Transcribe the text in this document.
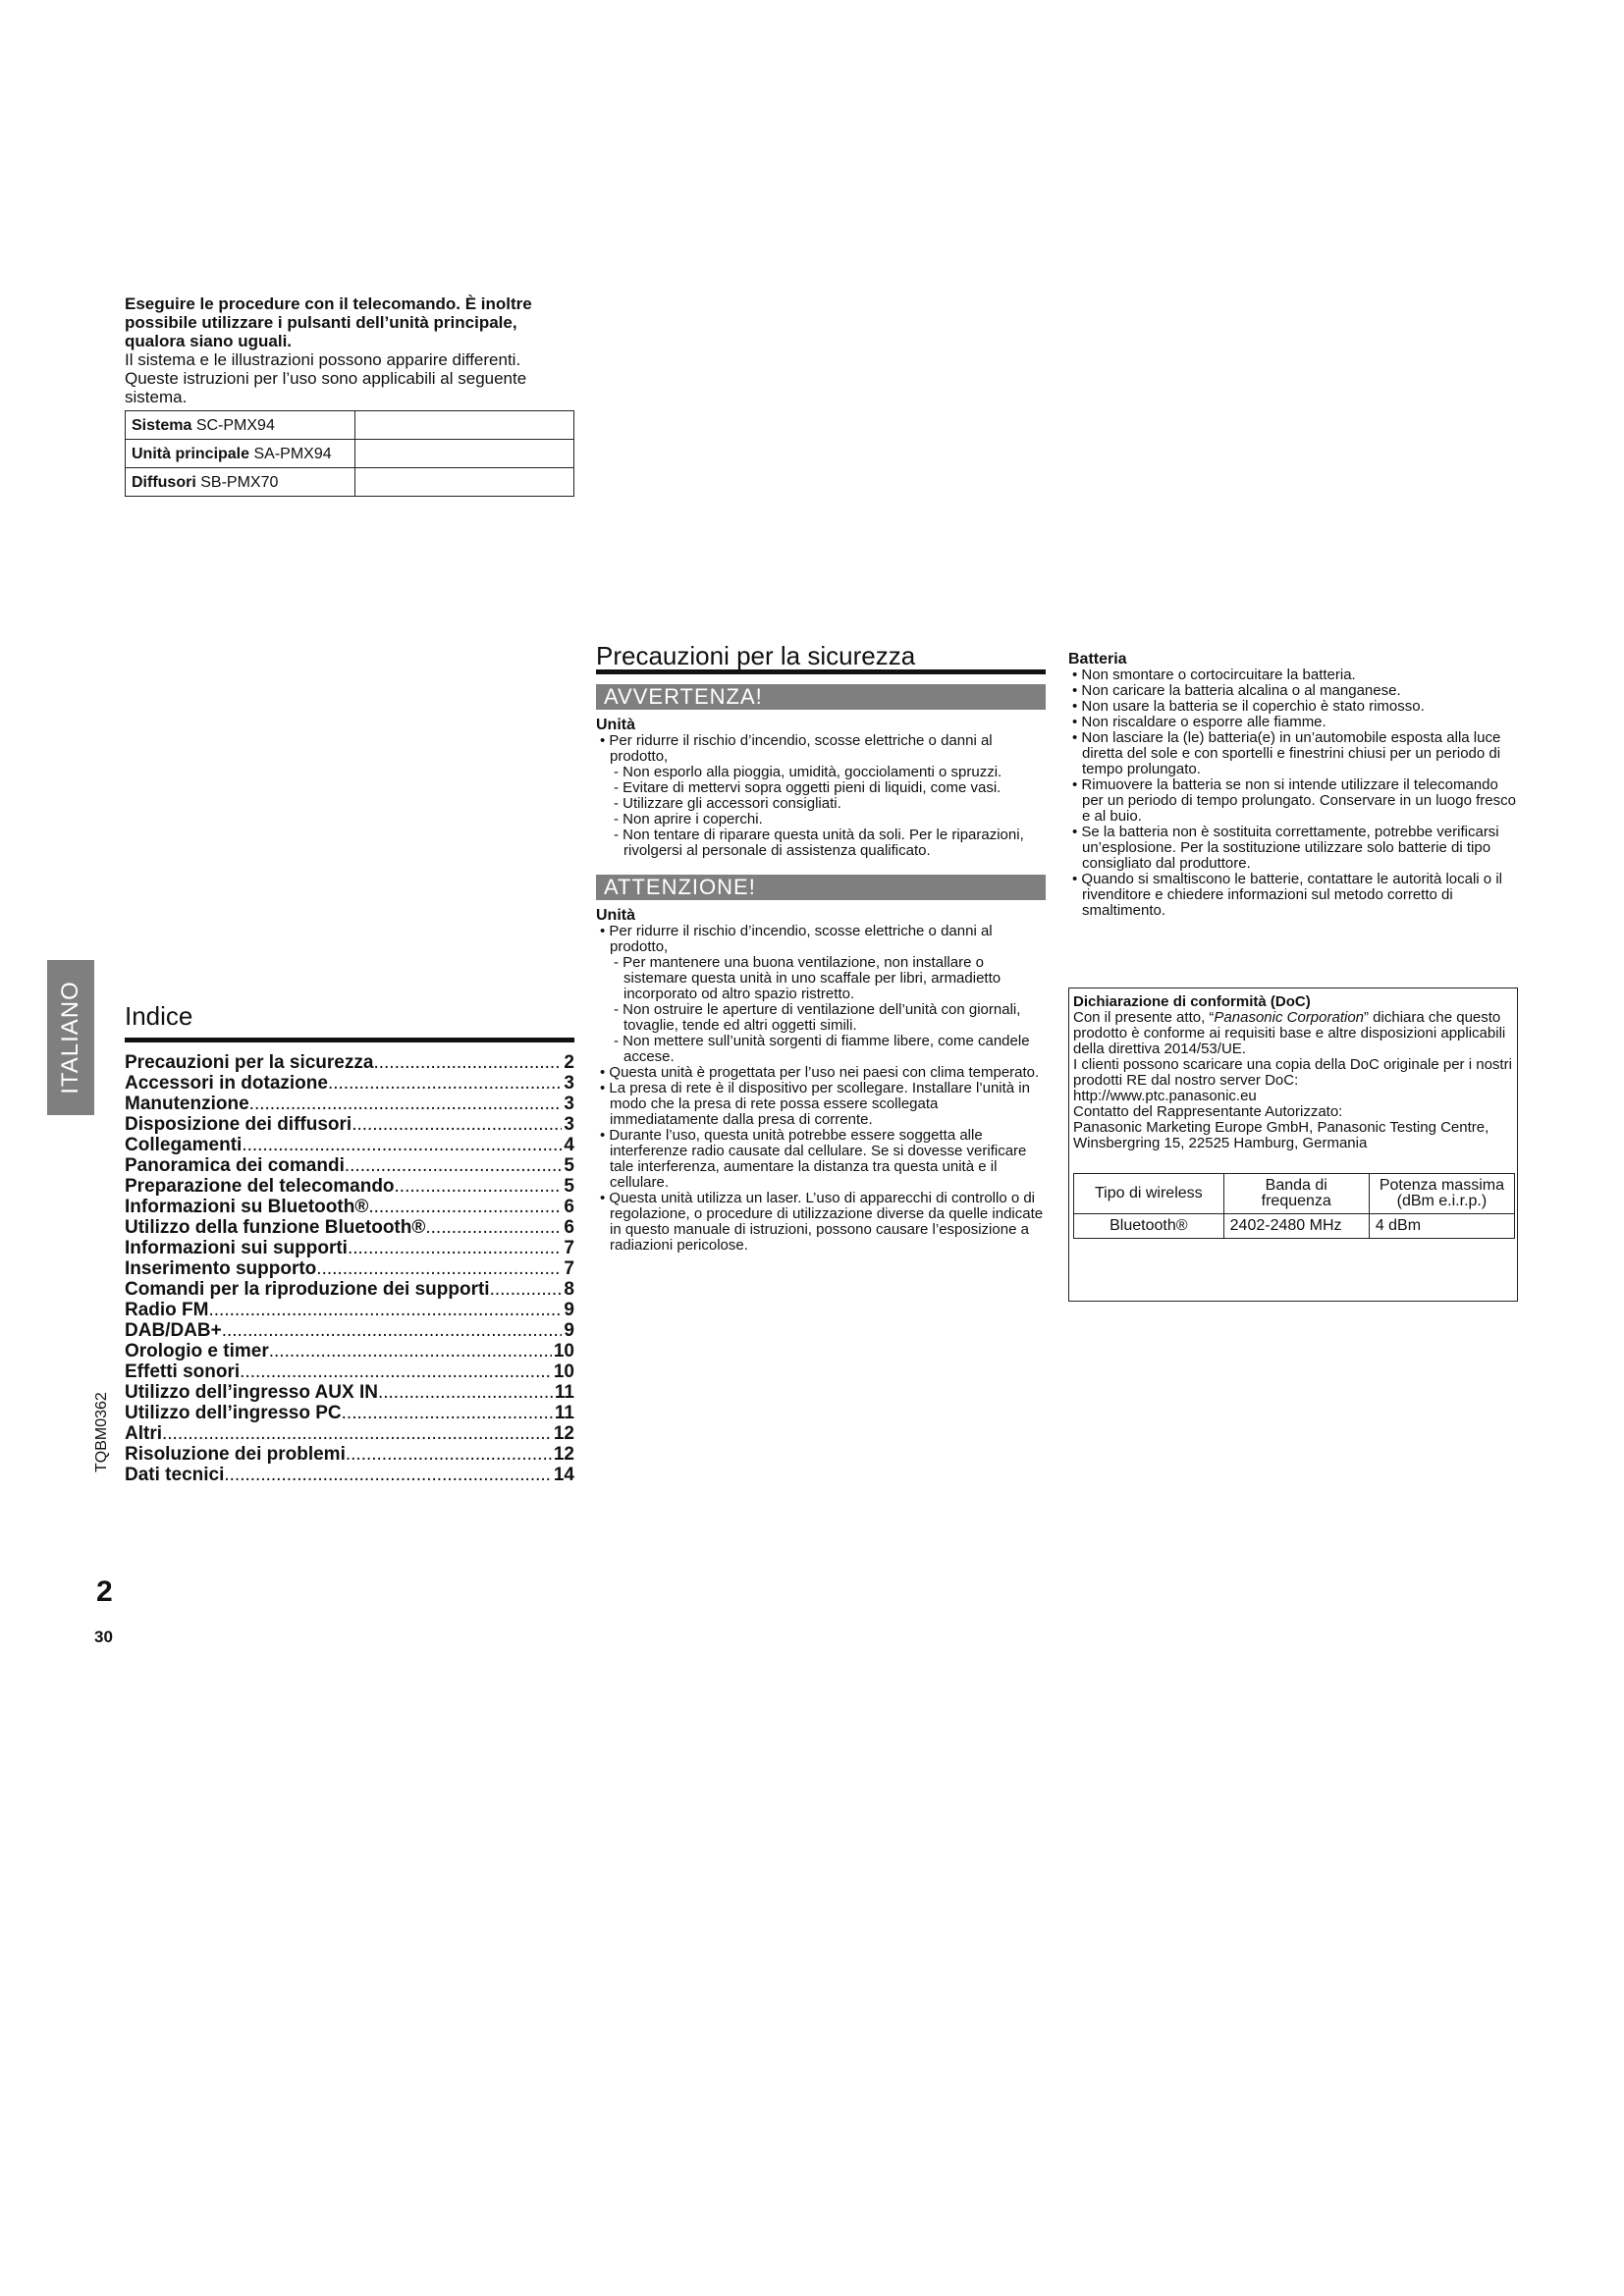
Eseguire le procedure con il telecomando. È inoltre possibile utilizzare i pulsanti dell’unità principale, qualora siano uguali.
Il sistema e le illustrazioni possono apparire differenti. Queste istruzioni per l’uso sono applicabili al seguente sistema.
Sistema SC-PMX94	
Unità principale SA-PMX94	
Diffusori SB-PMX70	
ITALIANO Indice
Precauzioni per la sicurezza .....	2
Accessori in dotazione .....	3
Manutenzione .....	3
Disposizione dei diffusori .....	3
Collegamenti .....	4
Panoramica dei comandi .....	5
Preparazione del telecomando .....	5
Informazioni su Bluetooth® .....	6
Utilizzo della funzione Bluetooth® .....	6
Informazioni sui supporti .....	7
Inserimento supporto .....	7
Comandi per la riproduzione dei supporti .....	8
Radio FM .....	9
DAB/DAB+ .....	9
Orologio e timer .....	10
Effetti sonori .....	10
Utilizzo dell’ingresso AUX IN .....	11
Utilizzo dell’ingresso PC .....	11
Altri .....	12
Risoluzione dei problemi .....	12
Dati tecnici .....	14
TQBM0362
2
30
Precauzioni per la sicurezza
AVVERTENZA!
Unità
• Per ridurre il rischio d’incendio, scosse elettriche o danni al prodotto,
- Non esporlo alla pioggia, umidità, gocciolamenti o spruzzi.
- Evitare di mettervi sopra oggetti pieni di liquidi, come vasi.
- Utilizzare gli accessori consigliati.
- Non aprire i coperchi.
- Non tentare di riparare questa unità da soli. Per le riparazioni, rivolgersi al personale di assistenza qualificato.
ATTENZIONE!
Unità
• Per ridurre il rischio d’incendio, scosse elettriche o danni al prodotto,
- Per mantenere una buona ventilazione, non installare o sistemare questa unità in uno scaffale per libri, armadietto incorporato od altro spazio ristretto.
- Non ostruire le aperture di ventilazione dell’unità con giornali, tovaglie, tende ed altri oggetti simili.
- Non mettere sull’unità sorgenti di fiamme libere, come candele accese.
• Questa unità è progettata per l’uso nei paesi con clima temperato.
• La presa di rete è il dispositivo per scollegare. Installare l’unità in modo che la presa di rete possa essere scollegata immediatamente dalla presa di corrente.
• Durante l’uso, questa unità potrebbe essere soggetta alle interferenze radio causate dal cellulare. Se si dovesse verificare tale interferenza, aumentare la distanza tra questa unità e il cellulare.
• Questa unità utilizza un laser. L’uso di apparecchi di controllo o di regolazione, o procedure di utilizzazione diverse da quelle indicate in questo manuale di istruzioni, possono causare l’esposizione a radiazioni pericolose.
Batteria
• Non smontare o cortocircuitare la batteria.
• Non caricare la batteria alcalina o al manganese.
• Non usare la batteria se il coperchio è stato rimosso.
• Non riscaldare o esporre alle fiamme.
• Non lasciare la (le) batteria(e) in un’automobile esposta alla luce diretta del sole e con sportelli e finestrini chiusi per un periodo di tempo prolungato.
• Rimuovere la batteria se non si intende utilizzare il telecomando per un periodo di tempo prolungato. Conservare in un luogo fresco e al buio.
• Se la batteria non è sostituita correttamente, potrebbe verificarsi un’esplosione. Per la sostituzione utilizzare solo batterie di tipo consigliato dal produttore.
• Quando si smaltiscono le batterie, contattare le autorità locali o il rivenditore e chiedere informazioni sul metodo corretto di smaltimento.
Dichiarazione di conformità (DoC)
Con il presente atto, “Panasonic Corporation” dichiara che questo prodotto è conforme ai requisiti base e altre disposizioni applicabili della direttiva 2014/53/UE.
I clienti possono scaricare una copia della DoC originale per i nostri prodotti RE dal nostro server DoC:
http://www.ptc.panasonic.eu
Contatto del Rappresentante Autorizzato:
Panasonic Marketing Europe GmbH, Panasonic Testing Centre, Winsbergring 15, 22525 Hamburg, Germania
Tipo di wireless	Banda di frequenza	Potenza massima (dBm e.i.r.p.)
Bluetooth®	2402-2480 MHz	4 dBm
